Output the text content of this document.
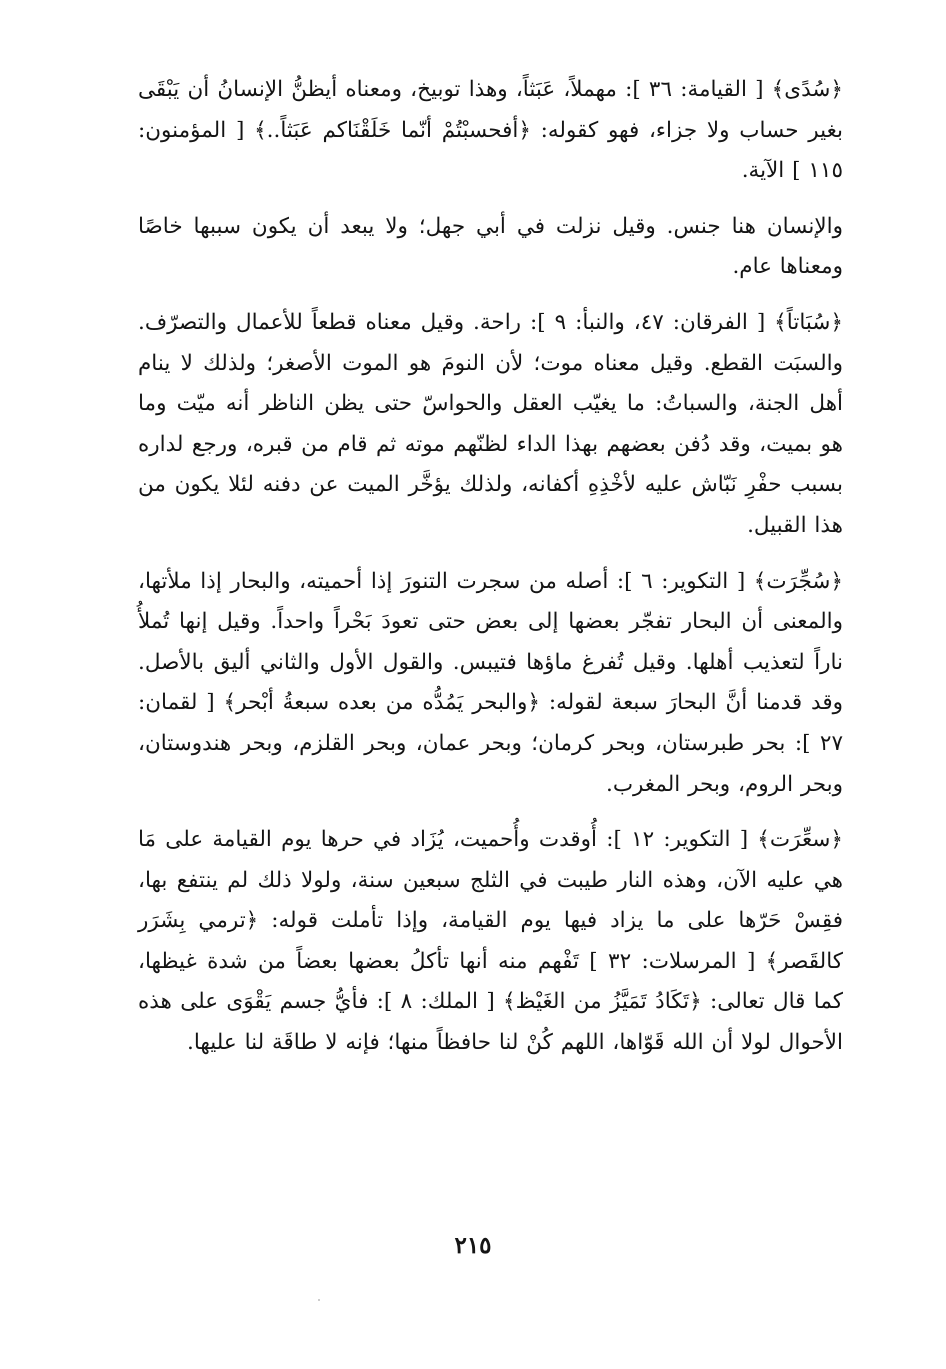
﴿سُدًى﴾ [ القيامة: ٣٦ ]: مهملاً، عَبَثاً، وهذا توبيخ، ومعناه أيظنُّ الإنسانُ أن يَبْقَى بغير حساب ولا جزاء، فهو كقوله: ﴿أفحسبْتُمْ أنّما خَلَقْنَاكم عَبَثاً..﴾ [ المؤمنون: ١١٥ ] الآية.

والإنسان هنا جنس. وقيل نزلت في أبي جهل؛ ولا يبعد أن يكون سببها خاصًا ومعناها عام.

﴿سُبَاتاً﴾ [ الفرقان: ٤٧، والنبأ: ٩ ]: راحة. وقيل معناه قطعاً للأعمال والتصرّف. والسبَت القطع. وقيل معناه موت؛ لأن النومَ هو الموت الأصغر؛ ولذلك لا ينام أهل الجنة، والسباتُ: ما يغيّب العقل والحواسّ حتى يظن الناظر أنه ميّت وما هو بميت، وقد دُفن بعضهم بهذا الداء لظنّهم موته ثم قام من قبره، ورجع لداره بسبب حفْرِ نَبّاش عليه لأخْذِهِ أكفانه، ولذلك يؤخَّر الميت عن دفنه لئلا يكون من هذا القبيل.

﴿سُجِّرَت﴾ [ التكوير: ٦ ]: أصله من سجرت التنورَ إذا أحميته، والبحار إذا ملأتها، والمعنى أن البحار تفجّر بعضها إلى بعض حتى تعودَ بَحْراً واحداً. وقيل إنها تُملأُ ناراً لتعذيب أهلها. وقيل تُفرغ ماؤها فتيبس. والقول الأول والثاني أليق بالأصل. وقد قدمنا أنَّ البحارَ سبعة لقوله: ﴿والبحر يَمُدُّه من بعده سبعةُ أبْحر﴾ [ لقمان: ٢٧ ]: بحر طبرستان، وبحر كرمان؛ وبحر عمان، وبحر القلزم، وبحر هندوستان، وبحر الروم، وبحر المغرب.

﴿سعِّرَت﴾ [ التكوير: ١٢ ]: أُوقدت وأُحميت، يُزَاد في حرها يوم القيامة على مَا هي عليه الآن، وهذه النار طيبت في الثلج سبعين سنة، ولولا ذلك لم ينتفع بها، فقِسْ حَرّها على ما يزاد فيها يوم القيامة، وإذا تأملت قوله: ﴿ترمي بِشَرَر كالقَصر﴾ [ المرسلات: ٣٢ ] تَفْهم منه أنها تأكلُ بعضها بعضاً من شدة غيظها، كما قال تعالى: ﴿تَكَادُ تَمَيَّزُ من الغَيْظ﴾ [ الملك: ٨ ]: فأيُّ جسم يَقْوَى على هذه الأحوال لولا أن الله قَوّاها، اللهم كُنْ لنا حافظاً منها؛ فإنه لا طاقَة لنا عليها.

٢١٥
